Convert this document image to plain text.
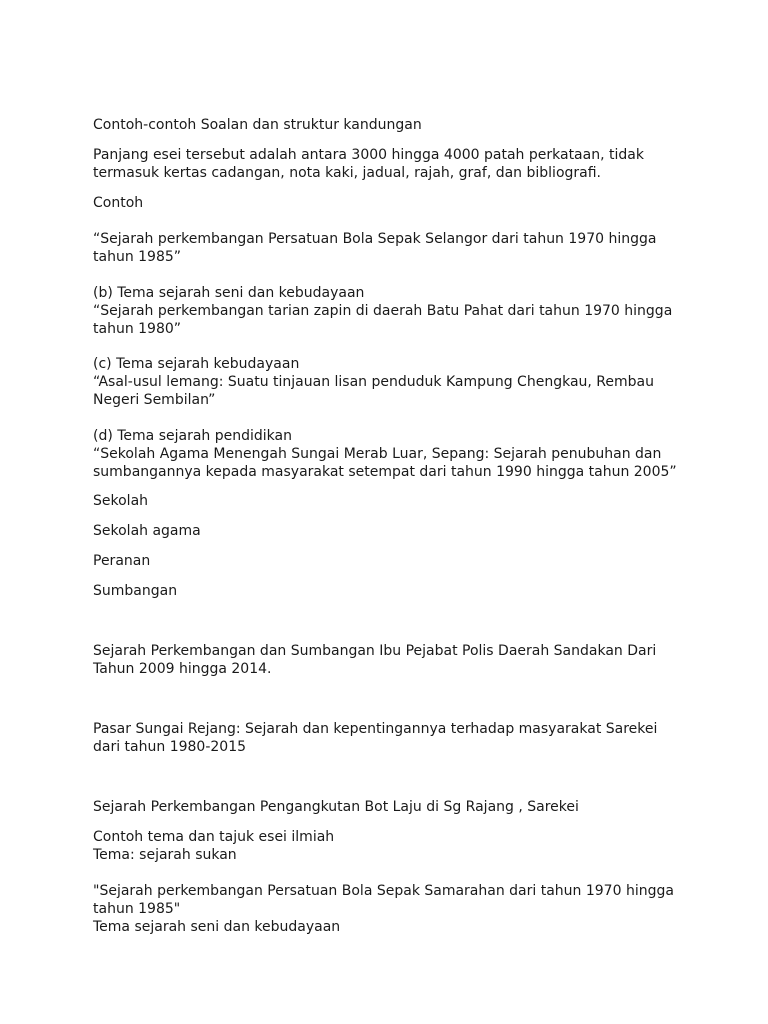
Contoh-contoh Soalan dan struktur kandungan
Panjang esei tersebut adalah antara 3000 hingga 4000 patah perkataan, tidak
termasuk kertas cadangan, nota kaki, jadual, rajah, graf, dan bibliografi.
Contoh
“Sejarah perkembangan Persatuan Bola Sepak Selangor dari tahun 1970 hingga
tahun 1985”
(b) Tema sejarah seni dan kebudayaan
“Sejarah perkembangan tarian zapin di daerah Batu Pahat dari tahun 1970 hingga
tahun 1980”
(c) Tema sejarah kebudayaan
“Asal-usul lemang: Suatu tinjauan lisan penduduk Kampung Chengkau, Rembau
Negeri Sembilan”
(d) Tema sejarah pendidikan
“Sekolah Agama Menengah Sungai Merab Luar, Sepang: Sejarah penubuhan dan
sumbangannya kepada masyarakat setempat dari tahun 1990 hingga tahun 2005”
Sekolah
Sekolah agama
Peranan
Sumbangan
Sejarah Perkembangan dan Sumbangan Ibu Pejabat Polis Daerah Sandakan Dari
Tahun 2009 hingga 2014.
Pasar Sungai Rejang: Sejarah dan kepentingannya terhadap masyarakat Sarekei
dari tahun 1980-2015
Sejarah Perkembangan Pengangkutan Bot Laju di Sg Rajang , Sarekei
Contoh tema dan tajuk esei ilmiah
Tema: sejarah sukan
"Sejarah perkembangan Persatuan Bola Sepak Samarahan dari tahun 1970 hingga
tahun 1985"
Tema sejarah seni dan kebudayaan
